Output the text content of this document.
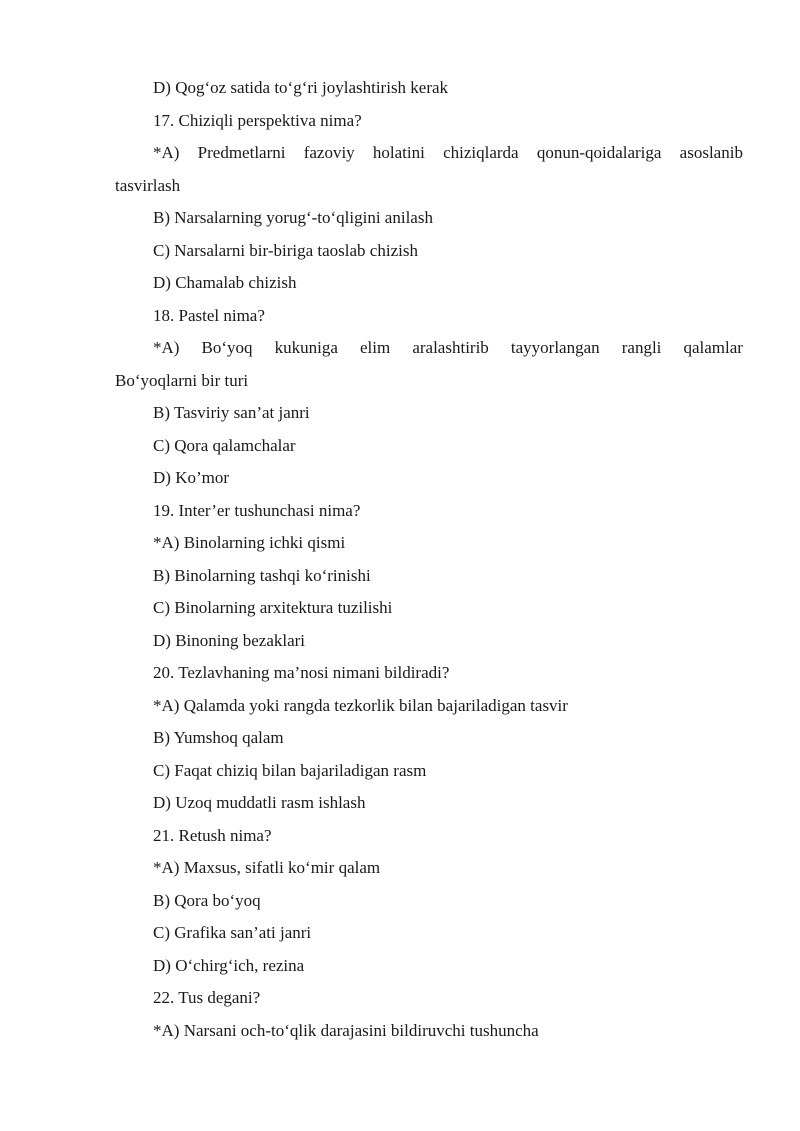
D) Qog‘oz satida to‘g‘ri joylashtirish kerak
17. Chiziqli perspektiva nima?
*A) Predmetlarni fazoviy holatini chiziqlarda qonun-qoidalariga asoslanib
tasvirlash
B) Narsalarning yorug‘-to‘qligini anilash
C) Narsalarni bir-biriga taoslab chizish
D) Chamalab chizish
18. Pastel nima?
*A) Bo‘yoq kukuniga elim aralashtirib tayyorlangan rangli qalamlar
Bo‘yoqlarni bir turi
B) Tasviriy san’at janri
C) Qora qalamchalar
D) Ko’mor
19. Inter’er tushunchasi nima?
*A) Binolarning ichki qismi
B) Binolarning tashqi ko‘rinishi
C) Binolarning arxitektura tuzilishi
D) Binoning bezaklari
20. Tezlavhaning ma’nosi nimani bildiradi?
*A) Qalamda yoki rangda tezkorlik bilan bajariladigan tasvir
B) Yumshoq qalam
C) Faqat chiziq bilan bajariladigan rasm
D) Uzoq muddatli rasm ishlash
21. Retush nima?
*A) Maxsus, sifatli ko‘mir qalam
B) Qora bo‘yoq
C) Grafika san’ati janri
D) O‘chirg‘ich, rezina
22. Tus degani?
*A) Narsani och-to‘qlik darajasini bildiruvchi tushuncha
